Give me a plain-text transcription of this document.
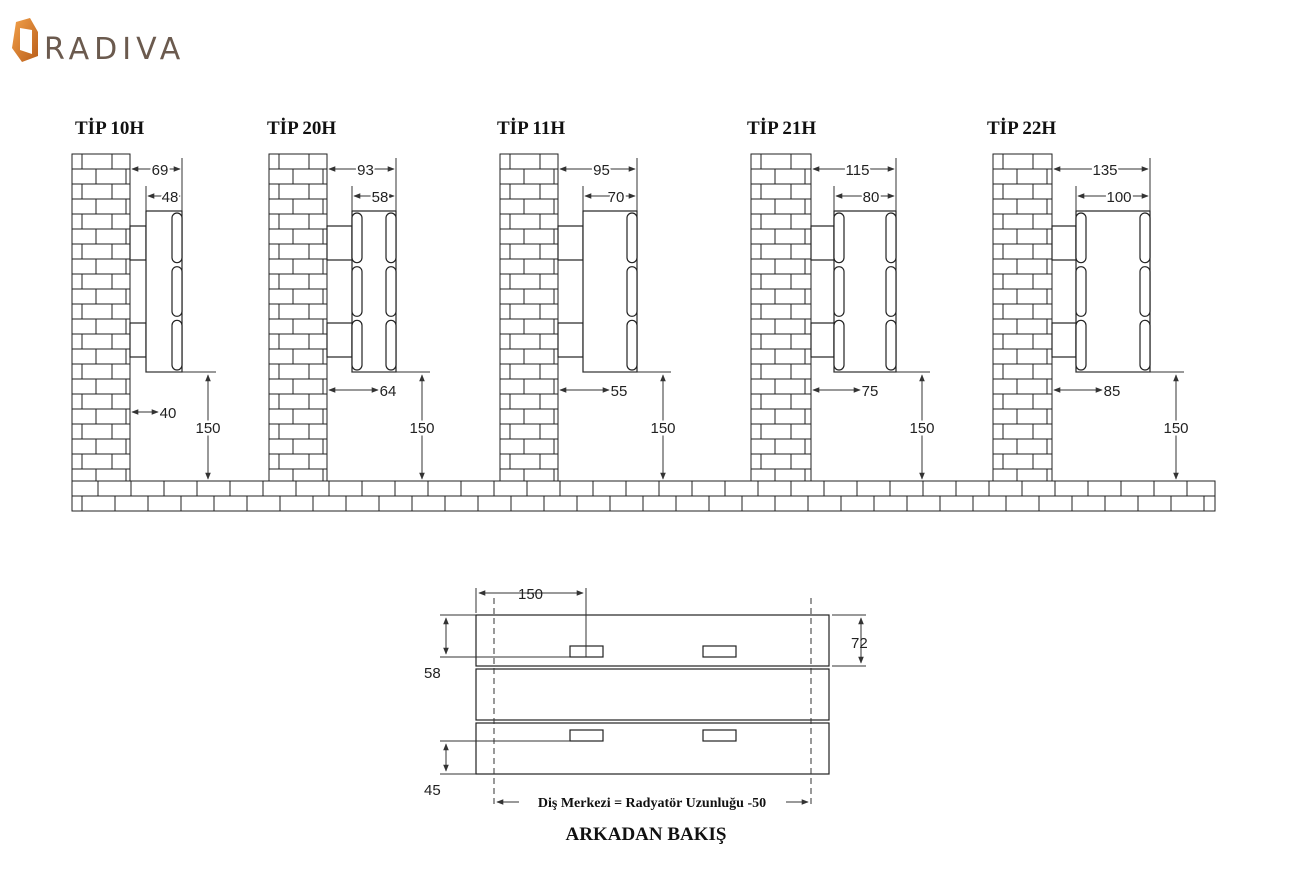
RADIVA
TİP 10H
69
48
40
150
TİP 20H
93
58
64
150
TİP 11H
95
70
55
150
TİP 21H
115
80
75
150
TİP 22H
135
100
85
150
150
72
58
45
Diş Merkezi = Radyatör Uzunluğu -50
ARKADAN BAKIŞ
